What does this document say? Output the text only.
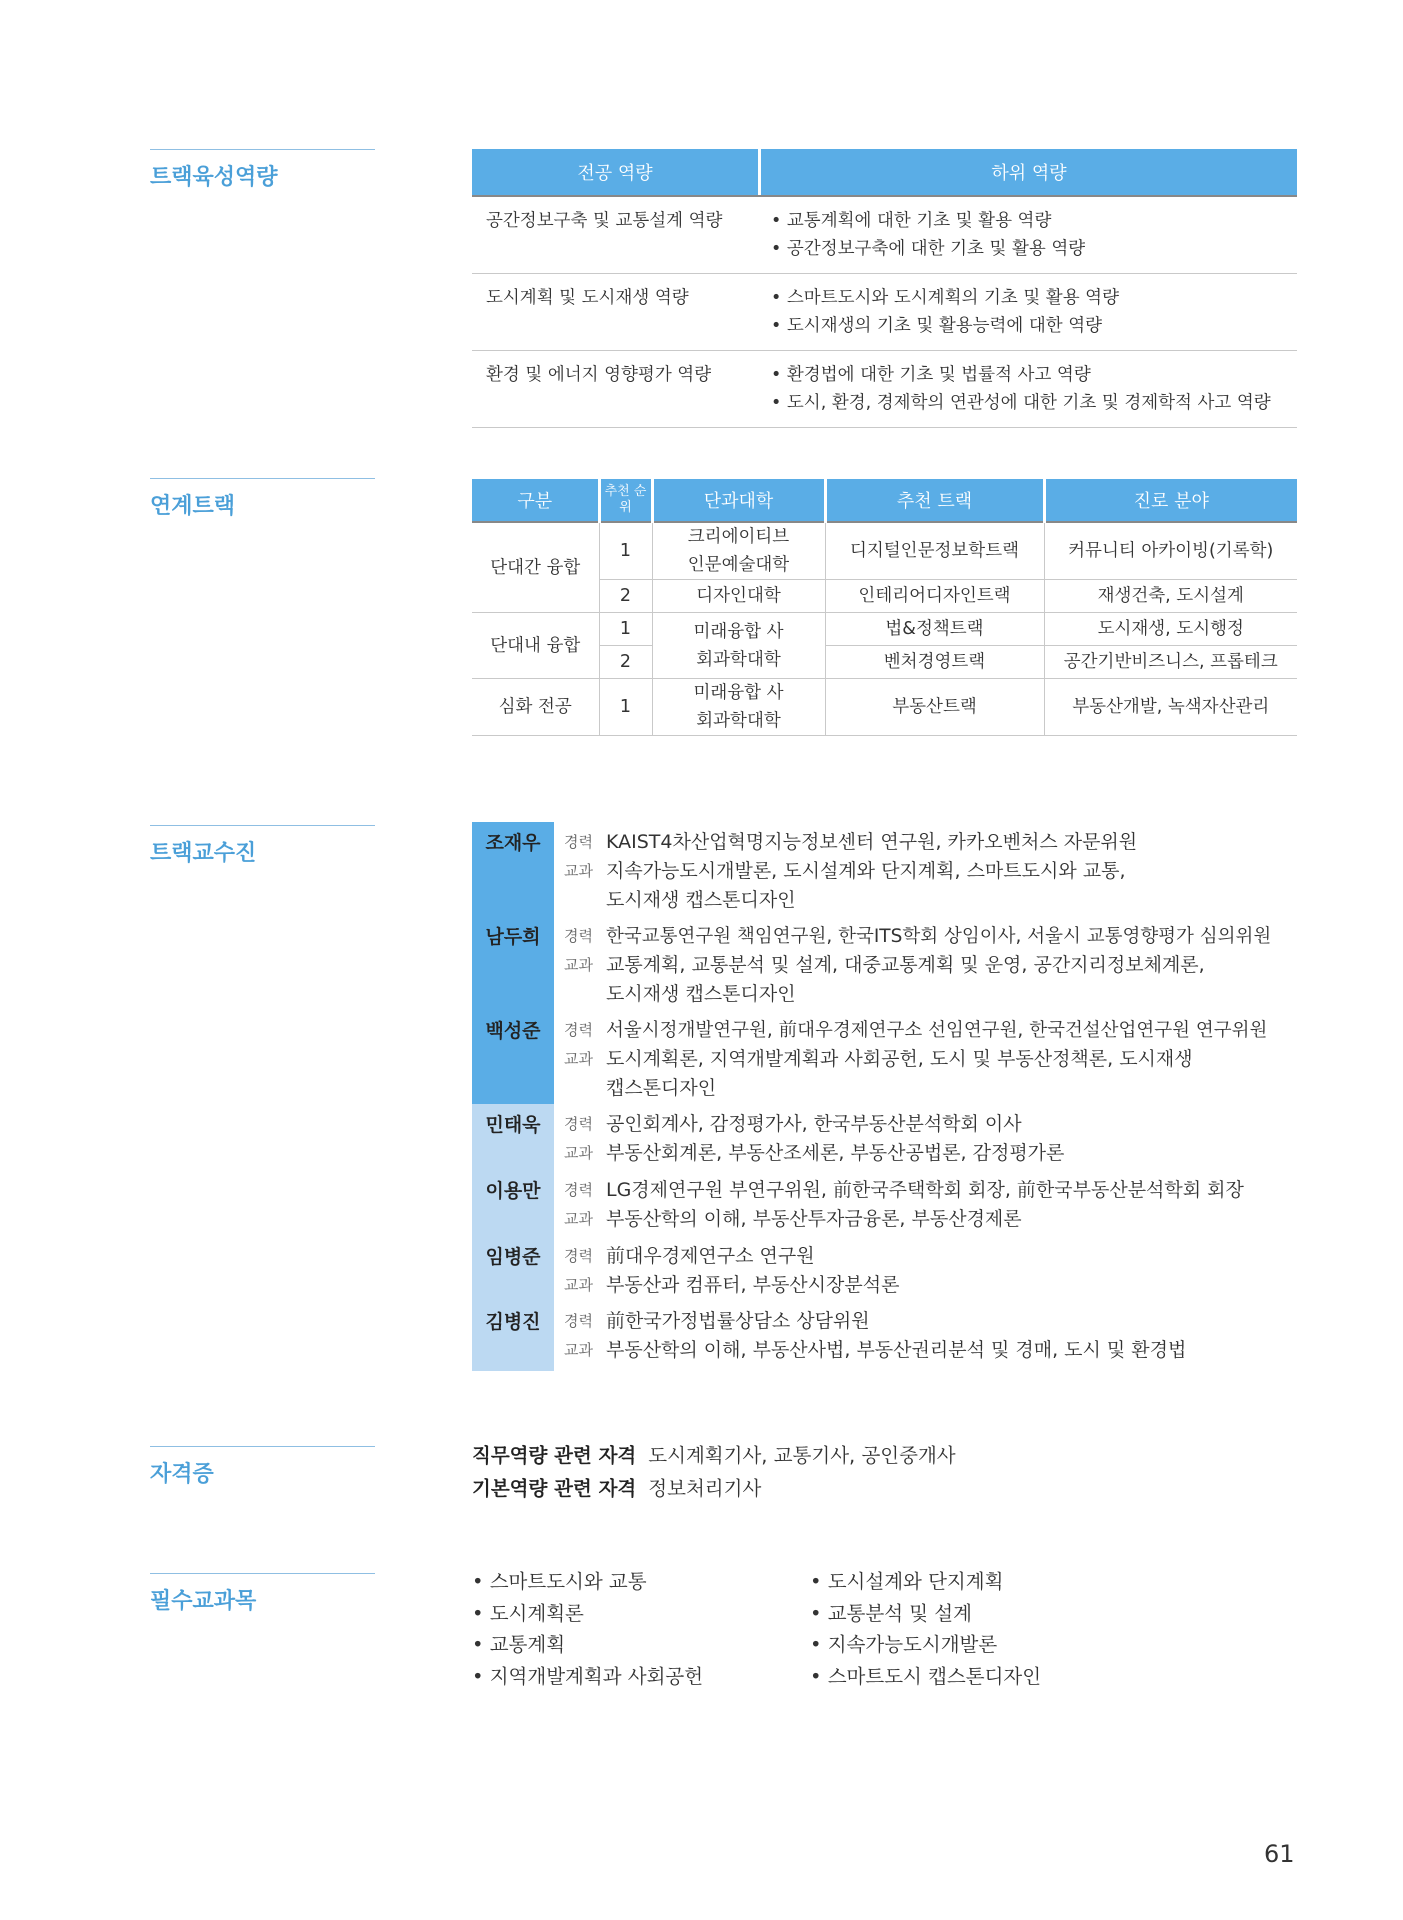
트랙육성역량
연계트랙
트랙교수진
자격증
필수교과목
전공 역량		하위 역량
공간정보구축 및 교통설계 역량		• 교통계획에 대한 기초 및 활용 역량
• 공간정보구축에 대한 기초 및 활용 역량

도시계획 및 도시재생 역량		• 스마트도시와 도시계획의 기초 및 활용 역량
• 도시재생의 기초 및 활용능력에 대한 역량

환경 및 에너지 영향평가 역량		• 환경법에 대한 기초 및 법률적 사고 역량
• 도시, 환경, 경제학의 연관성에 대한 기초 및 경제학적 사고 역량
구분	추천 순위	단과대학	추천 트랙	진로 분야
단대간 융합	1	크리에이티브 인문예술대학	디지털인문정보학트랙	커뮤니티 아카이빙(기록학)
	2	디자인대학	인테리어디자인트랙	재생건축, 도시설계
단대내 융합	1	미래융합 사회과학대학	법&정책트랙	도시재생, 도시행정
	2		벤처경영트랙	공간기반비즈니스, 프롭테크
심화 전공	1	미래융합 사회과학대학	부동산트랙	부동산개발, 녹색자산관리
조재우	경력 KAIST4차산업혁명지능정보센터 연구원, 카카오벤처스 자문위원
교과 지속가능도시개발론, 도시설계와 단지계획, 스마트도시와 교통,
도시재생 캡스톤디자인
남두희	경력 한국교통연구원 책임연구원, 한국ITS학회 상임이사, 서울시 교통영향평가 심의위원
교과 교통계획, 교통분석 및 설계, 대중교통계획 및 운영, 공간지리정보체계론,
도시재생 캡스톤디자인
백성준	경력 서울시정개발연구원, 前대우경제연구소 선임연구원, 한국건설산업연구원 연구위원
교과 도시계획론, 지역개발계획과 사회공헌, 도시 및 부동산정책론, 도시재생
캡스톤디자인
민태욱	경력 공인회계사, 감정평가사, 한국부동산분석학회 이사
교과 부동산회계론, 부동산조세론, 부동산공법론, 감정평가론
이용만	경력 LG경제연구원 부연구위원, 前한국주택학회 회장, 前한국부동산분석학회 회장
교과 부동산학의 이해, 부동산투자금융론, 부동산경제론
임병준	경력 前대우경제연구소 연구원
교과 부동산과 컴퓨터, 부동산시장분석론
김병진	경력 前한국가정법률상담소 상담위원
교과 부동산학의 이해, 부동산사법, 부동산권리분석 및 경매, 도시 및 환경법
직무역량 관련 자격 도시계획기사, 교통기사, 공인중개사
기본역량 관련 자격 정보처리기사
• 스마트도시와 교통
• 도시계획론
• 교통계획
• 지역개발계획과 사회공헌
• 도시설계와 단지계획
• 교통분석 및 설계
• 지속가능도시개발론
• 스마트도시 캡스톤디자인
61
